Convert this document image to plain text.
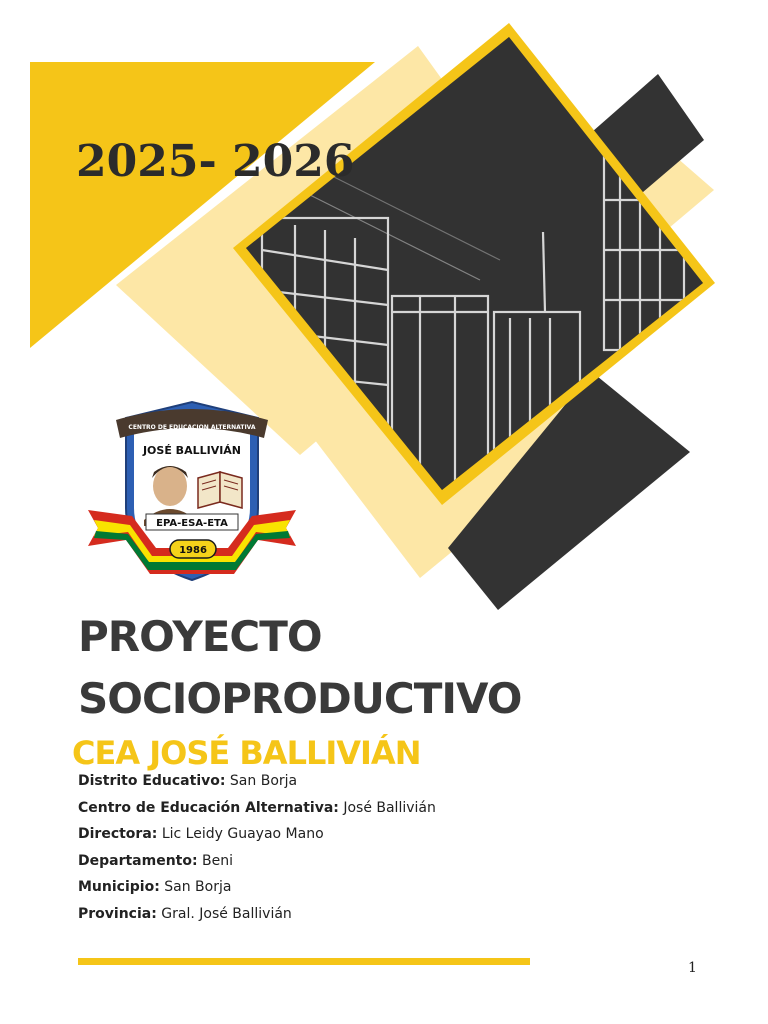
2025- 2026
CENTRO DE EDUCACION ALTERNATIVA
JOSÉ BALLIVIÁN
EPA-ESA-ETA
1986
PROYECTO
SOCIOPRODUCTIVO
CEA JOSÉ BALLIVIÁN
Distrito Educativo: San Borja
Centro de Educación Alternativa: José Ballivián
Directora: Lic Leidy Guayao Mano
Departamento: Beni
Municipio: San Borja
Provincia: Gral. José Ballivián
1
